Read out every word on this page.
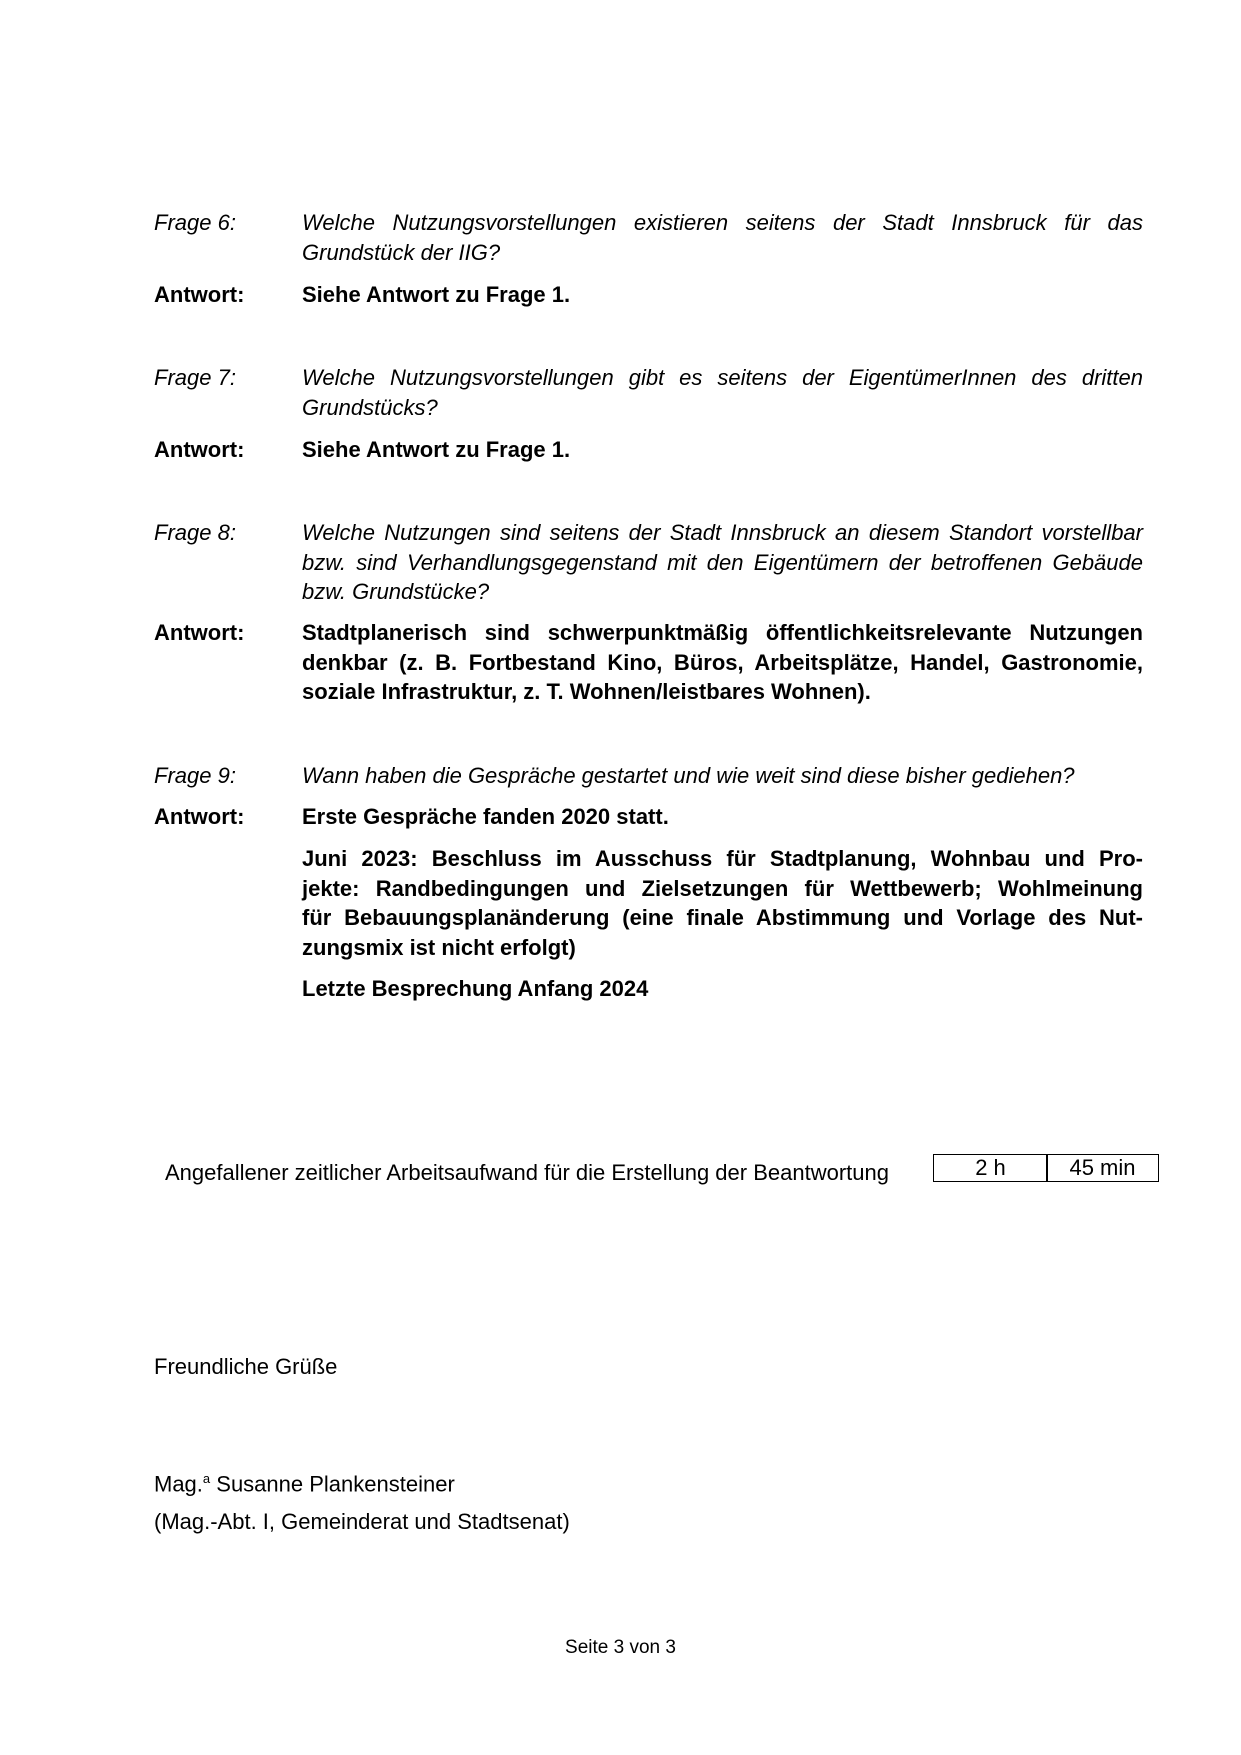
Frage 6:	Welche Nutzungsvorstellungen existieren seitens der Stadt Innsbruck für das
Grundstück der IIG?
Antwort:	Siehe Antwort zu Frage 1.
Frage 7:	Welche Nutzungsvorstellungen gibt es seitens der EigentümerInnen des dritten
Grundstücks?
Antwort:	Siehe Antwort zu Frage 1.
Frage 8:	Welche Nutzungen sind seitens der Stadt Innsbruck an diesem Standort vorstellbar
bzw. sind Verhandlungsgegenstand mit den Eigentümern der betroffenen Gebäude
bzw. Grundstücke?
Antwort:	Stadtplanerisch sind schwerpunktmäßig öffentlichkeitsrelevante Nutzungen
denkbar (z. B. Fortbestand Kino, Büros, Arbeitsplätze, Handel, Gastronomie,
soziale Infrastruktur, z. T. Wohnen/leistbares Wohnen).
Frage 9:	Wann haben die Gespräche gestartet und wie weit sind diese bisher gediehen?
Antwort:	Erste Gespräche fanden 2020 statt.
Juni 2023: Beschluss im Ausschuss für Stadtplanung, Wohnbau und Pro-
jekte: Randbedingungen und Zielsetzungen für Wettbewerb; Wohlmeinung
für Bebauungsplanänderung (eine finale Abstimmung und Vorlage des Nut-
zungsmix ist nicht erfolgt)
Letzte Besprechung Anfang 2024
Angefallener zeitlicher Arbeitsaufwand für die Erstellung der Beantwortung	2 h	45 min
Freundliche Grüße
Mag.$^a$ Susanne Plankensteiner
(Mag.-Abt. I, Gemeinderat und Stadtsenat)
Seite 3 von 3
